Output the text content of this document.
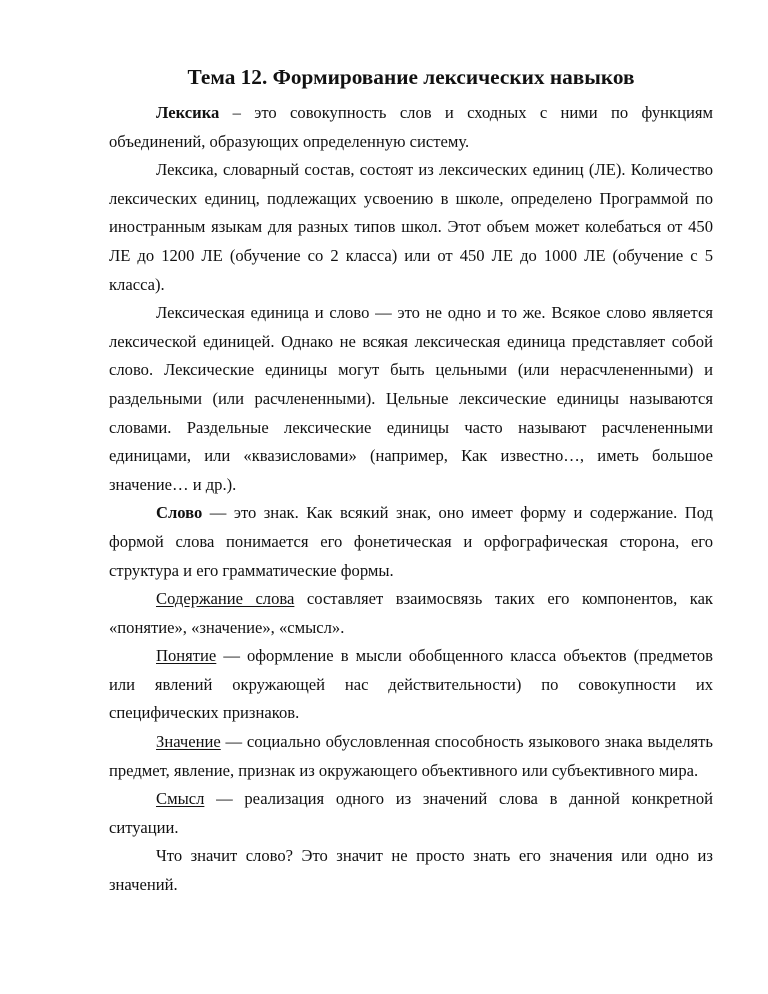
Тема 12. Формирование лексических навыков

Лексика – это совокупность слов и сходных с ними по функциям объединений, образующих определенную систему.

Лексика, словарный состав, состоят из лексических единиц (ЛЕ). Количество лексических единиц, подлежащих усвоению в школе, определено Программой по иностранным языкам для разных типов школ. Этот объем может колебаться от 450 ЛЕ до 1200 ЛЕ (обучение со 2 класса) или от 450 ЛЕ до 1000 ЛЕ (обучение с 5 класса).

Лексическая единица и слово — это не одно и то же. Всякое слово является лексической единицей. Однако не всякая лексическая единица представляет собой слово. Лексические единицы могут быть цельными (или нерасчлененными) и раздельными (или расчлененными). Цельные лексические единицы называются словами. Раздельные лексические единицы часто называют расчлененными единицами, или «квазисловами» (например, Как известно…, иметь большое значение… и др.).

Слово — это знак. Как всякий знак, оно имеет форму и содержание. Под формой слова понимается его фонетическая и орфографическая сторона, его структура и его грамматические формы.

Содержание слова составляет взаимосвязь таких его компонентов, как «понятие», «значение», «смысл».

Понятие — оформление в мысли обобщенного класса объектов (предметов или явлений окружающей нас действительности) по совокупности их специфических признаков.

Значение — социально обусловленная способность языкового знака выделять предмет, явление, признак из окружающего объективного или субъективного мира.

Смысл — реализация одного из значений слова в данной конкретной ситуации.

Что значит слово? Это значит не просто знать его значения или одно из значений.
